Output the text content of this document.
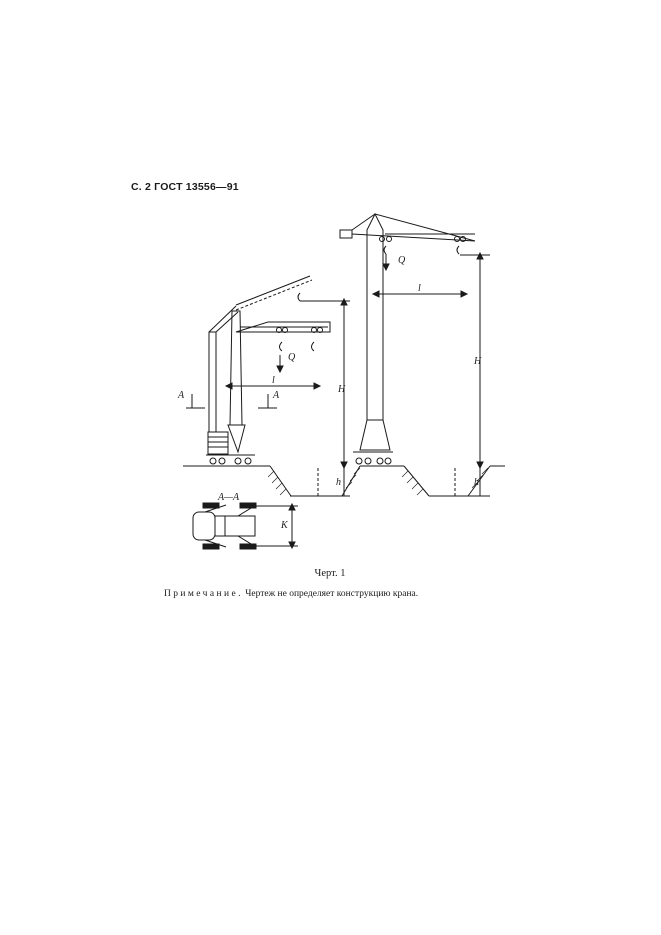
С. 2 ГОСТ 13556—91
A	A
l
Q
H
h
Q
l
H
h
А—А
K
Черт. 1
Примечание. Чертеж не определяет конструкцию крана.
